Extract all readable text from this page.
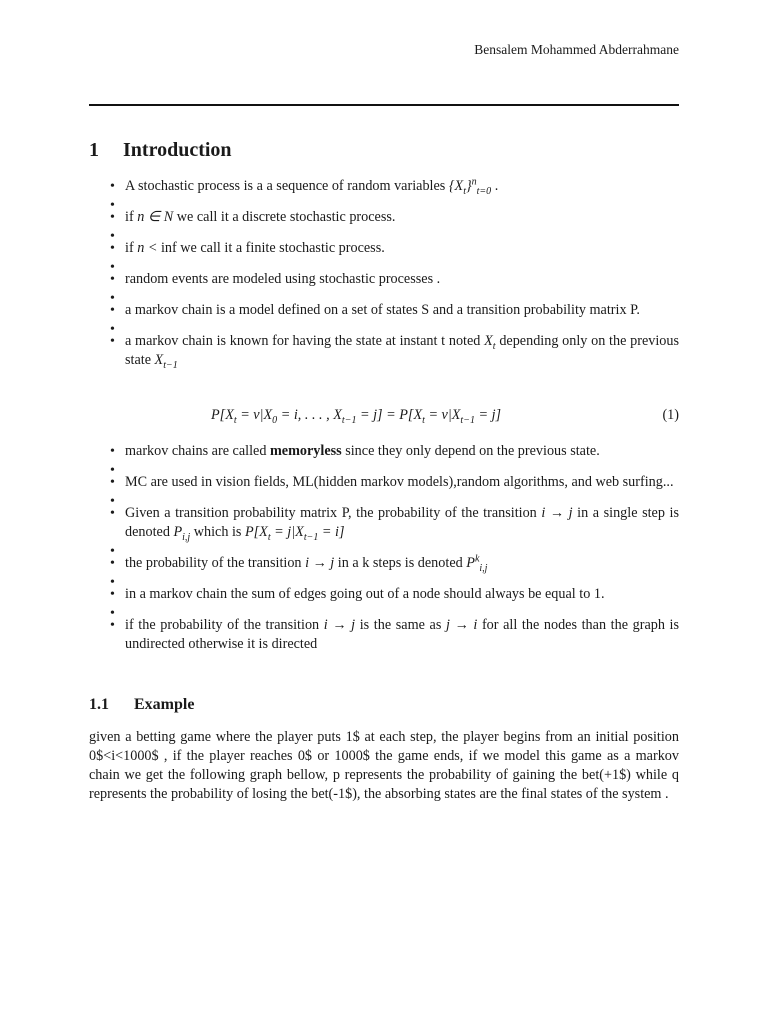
Bensalem Mohammed Abderrahmane
1 Introduction
• A stochastic process is a a sequence of random variables $\{X_t\}^n_{t=0}$ .
•
• if n ∈ N we call it a discrete stochastic process.
•
• if n < inf we call it a finite stochastic process.
•
• random events are modeled using stochastic processes .
•
• a markov chain is a model defined on a set of states S and a transition probability matrix P.
•
• a markov chain is known for having the state at instant t noted $X_t$ depending only on the previous state $X_{t-1}$
$P[X_t = v|X_0 = i$, . . . , $X_{t-1} = j] = P[X_t = v|X_{t-1} = j]$	(1)
• markov chains are called memoryless since they only depend on the previous state.
•
• MC are used in vision fields, ML(hidden markov models),random algorithms, and web surfing...
•
• Given a transition probability matrix P, the probability of the transition i → j in a single step is denoted $P_{i,j}$ which is $P[X_t = j|X_{t-1} = i]$
•
• the probability of the transition i → j in a k steps is denoted $P^k_{i,j}$
•
• in a markov chain the sum of edges going out of a node should always be equal to 1.
•
• if the probability of the transition i → j is the same as j → i for all the nodes than the graph is undirected otherwise it is directed
1.1 Example
given a betting game where the player puts 1$ at each step, the player begins from an initial position 0$<i<1000$ , if the player reaches 0$ or 1000$ the game ends, if we model this game as a markov chain we get the following graph bellow, p represents the probability of gaining the bet(+1$) while q represents the probability of losing the bet(-1$), the absorbing states are the final states of the system .
